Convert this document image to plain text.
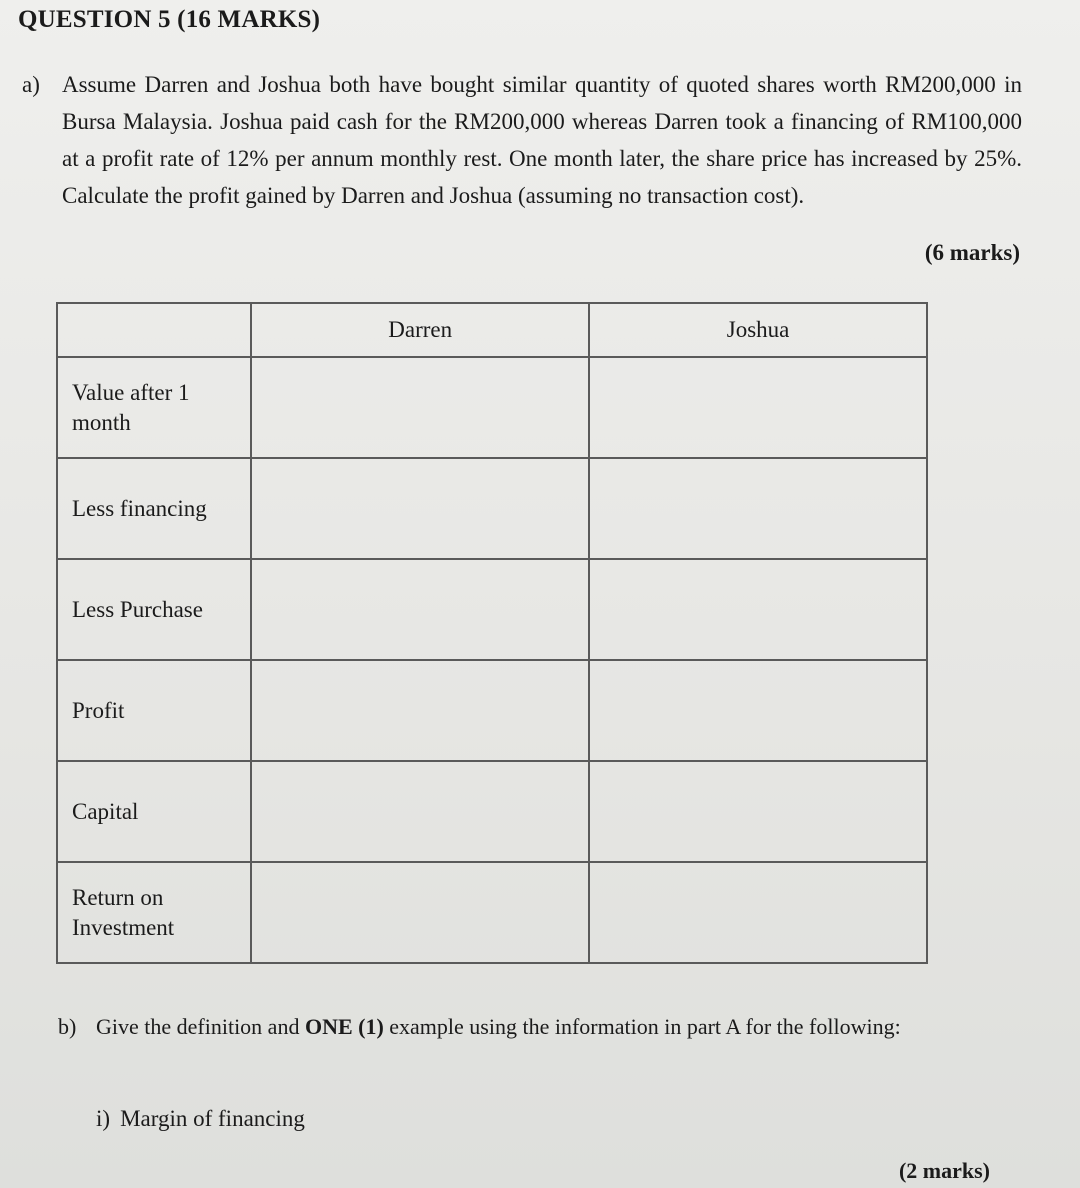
QUESTION 5 (16 MARKS)
a) Assume Darren and Joshua both have bought similar quantity of quoted shares worth RM200,000 in Bursa Malaysia. Joshua paid cash for the RM200,000 whereas Darren took a financing of RM100,000 at a profit rate of 12% per annum monthly rest. One month later, the share price has increased by 25%. Calculate the profit gained by Darren and Joshua (assuming no transaction cost).
(6 marks)
	Darren	Joshua
Value after 1 month		
Less financing		
Less Purchase		
Profit		
Capital		
Return on Investment		
b) Give the definition and ONE (1) example using the information in part A for the following:
i) Margin of financing
(2 marks)
